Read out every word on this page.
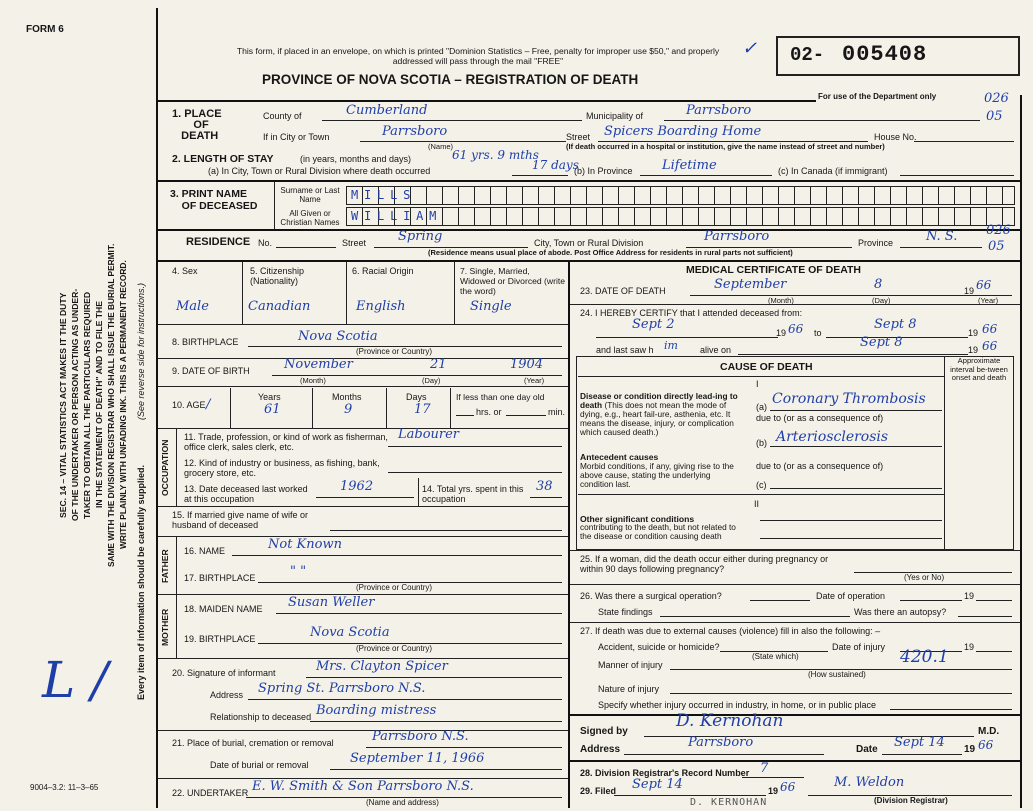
FORM 6
SEC. 14 – VITAL STATISTICS ACT MAKES IT THE DUTY OF THE UNDERTAKER OR PERSON ACTING AS UNDER- TAKER TO OBTAIN ALL THE PARTICULARS REQUIRED IN THE STATEMENT OF DEATH" AND TO FILE THE SAME WITH THE DIVISION REGISTRAR WHO SHALL ISSUE THE BURIAL PERMIT. WRITE PLAINLY WITH UNFADING INK. THIS IS A PERMANENT RECORD.
Every item of information should be carefully supplied.
(See reverse side for instructions.)
L /
9004–3.2: 11–3–65
This form, if placed in an envelope, on which is printed "Dominion Statistics – Free, penalty for improper use $50," and properly addressed will pass through the mail "FREE"
PROVINCE OF NOVA SCOTIA – REGISTRATION OF DEATH
✓ 02- 005408
For use of the Department only	026
1. PLACE
OF
DEATH
County of	Cumberland	Municipality of	Parrsboro	05
If in City or Town	Parrsboro
(Name)
Street Spicers Boarding Home	House No.
(If death occurred in a hospital or institution, give the name instead of street and number)
2. LENGTH OF STAY	(in years, months and days)	61 yrs. 9 mths
17 days
(a) In City, Town or Rural Division where death occurred	(b) In Province Lifetime	(c) In Canada (if immigrant)
3. PRINT NAME
OF DECEASED
Surname or Last Name
All Given or Christian Names
MILLS
WILLIAM
RESIDENCE No.	Street Spring	City, Town or Rural Division	Parrsboro	Province	N. S. 026
05
(Residence means usual place of abode. Post Office Address for residents in rural parts not sufficient)
4. Sex	5. Citizenship (Nationality)
6. Racial Origin	7. Single, Married, Widowed or Divorced (write the word)
Male	Canadian	English	Single
8. BIRTHPLACE	Nova Scotia
(Province or Country)
9. DATE OF BIRTH	November	21	1904
(Month)	(Day)	(Year)
10. AGE /	Years	Months	Days
61	9	17
If less than one day old
hrs. or	min.
OCCUPATION
11. Trade, profession, or kind of work as fisherman, office clerk, sales clerk, etc.
Labourer
12. Kind of industry or business, as fishing, bank, grocery store, etc.
13. Date deceased last worked at this occupation
1962	14. Total yrs. spent in this occupation
38
15. If married give name of wife or husband of deceased
FATHER 16. NAME	Not Known
17. BIRTHPLACE	" "
(Province or Country)
MOTHER 18. MAIDEN NAME Susan Weller
19. BIRTHPLACE	Nova Scotia
(Province or Country)
20. Signature of informant	Mrs. Clayton Spicer
Address Spring St. Parrsboro N.S.
Relationship to deceased Boarding mistress
21. Place of burial, cremation or removal	Parrsboro N.S.
Date of burial or removal	September 11, 1966
22. UNDERTAKER E. W. Smith & Son Parrsboro N.S.
(Name and address)
MEDICAL CERTIFICATE OF DEATH
23. DATE OF DEATH	September	8	19 66
(Month)	(Day)	(Year)
24. I HEREBY CERTIFY that I attended deceased from:
Sept 2
19 66 to
Sept 8
19 66
and last saw h im alive on	Sept 8	19 66
CAUSE OF DEATH
Approximate interval be-tween onset and death
I
Disease or condition directly lead-ing to death (This does not mean the mode of dying, e.g., heart fail-ure, asthenia, etc. It means the disease, injury, or complication which caused death.)
(a) Coronary Thrombosis
due to (or as a consequence of)
Antecedent causes
Morbid conditions, if any, giving rise to the above cause, stating the underlying condition last.
(b) Arteriosclerosis
due to (or as a consequence of)
(c)
II
Other significant conditions
contributing to the death, but not related to the disease or condition causing death
25. If a woman, did the death occur either during pregnancy or within 90 days following pregnancy?
(Yes or No)
26. Was there a surgical operation?	Date of operation	19
State findings	Was there an autopsy?
27. If death was due to external causes (violence) fill in also the following: –
Accident, suicide or homicide?
(State which)
Date of injury	19
420.1
Manner of injury
(How sustained)
Nature of injury
Specify whether injury occurred in industry, in home, or in public place
Signed by
D. Kernohan
M.D.
Address	Parrsboro	Date Sept 14 19 66
28. Division Registrar's Record Number 7
29. Filed Sept 14	19 66	M. Weldon
(Division Registrar)
D. KERNOHAN
